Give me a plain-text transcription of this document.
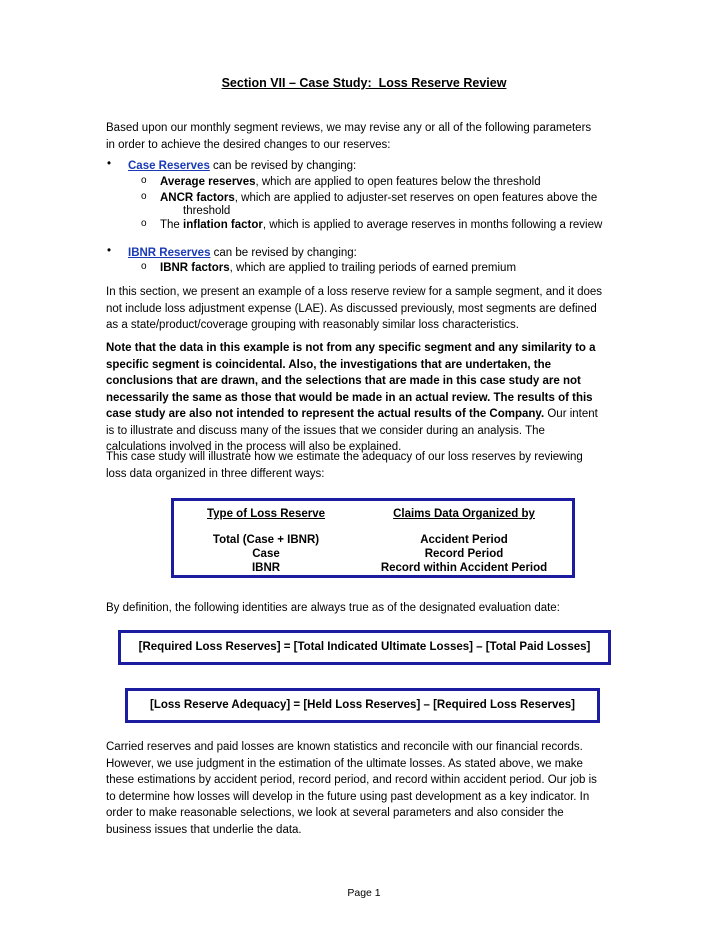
Section VII – Case Study:  Loss Reserve Review
Based upon our monthly segment reviews, we may revise any or all of the following parameters
in order to achieve the desired changes to our reserves:
•	Case Reserves can be revised by changing:
o	Average reserves, which are applied to open features below the threshold
o	ANCR factors, which are applied to adjuster-set reserves on open features above the
threshold
o	The inflation factor, which is applied to average reserves in months following a review
•	IBNR Reserves can be revised by changing:
o	IBNR factors, which are applied to trailing periods of earned premium
In this section, we present an example of a loss reserve review for a sample segment, and it does
not include loss adjustment expense (LAE). As discussed previously, most segments are defined
as a state/product/coverage grouping with reasonably similar loss characteristics.
Note that the data in this example is not from any specific segment and any similarity to a
specific segment is coincidental. Also, the investigations that are undertaken, the
conclusions that are drawn, and the selections that are made in this case study are not
necessarily the same as those that would be made in an actual review. The results of this
case study are also not intended to represent the actual results of the Company. Our intent
is to illustrate and discuss many of the issues that we consider during an analysis. The
calculations involved in the process will also be explained.
This case study will illustrate how we estimate the adequacy of our loss reserves by reviewing
loss data organized in three different ways:
Type of Loss Reserve	Claims Data Organized by
Total (Case + IBNR)	Accident Period
Case	Record Period
IBNR	Record within Accident Period
By definition, the following identities are always true as of the designated evaluation date:
[Required Loss Reserves] = [Total Indicated Ultimate Losses] – [Total Paid Losses]
[Loss Reserve Adequacy] = [Held Loss Reserves] – [Required Loss Reserves]
Carried reserves and paid losses are known statistics and reconcile with our financial records.
However, we use judgment in the estimation of the ultimate losses. As stated above, we make
these estimations by accident period, record period, and record within accident period. Our job is
to determine how losses will develop in the future using past development as a key indicator. In
order to make reasonable selections, we look at several parameters and also consider the
business issues that underlie the data.
Page 1
